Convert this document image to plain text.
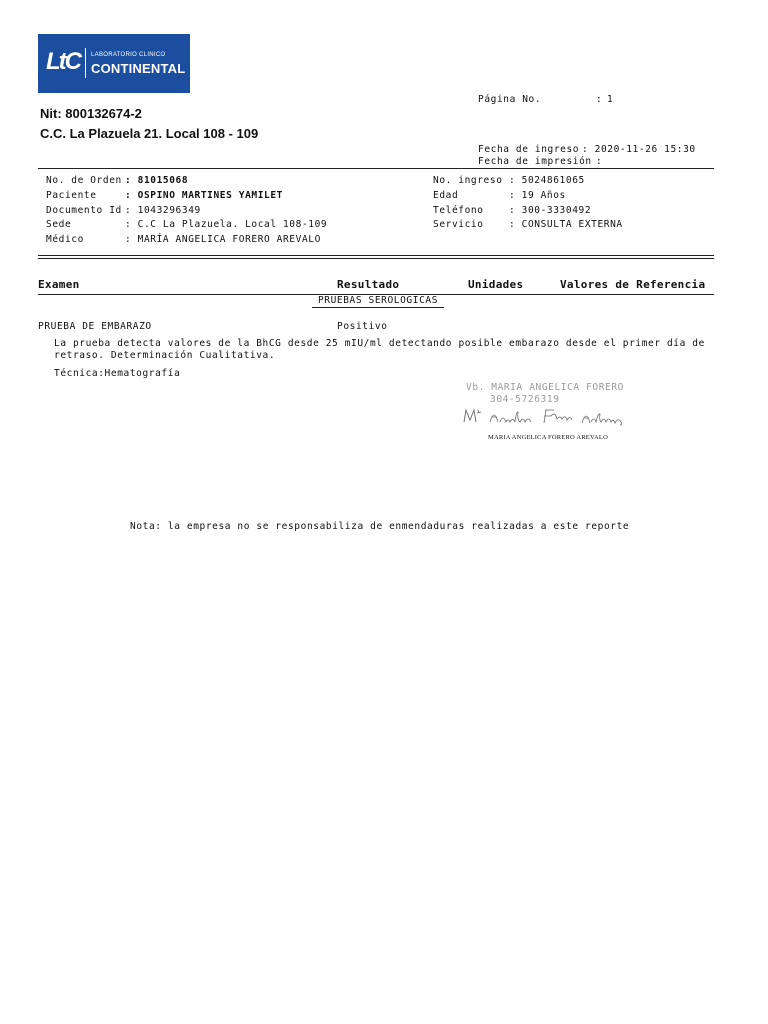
LtC LABORATORIO CLINICO
CONTINENTAL
Nit: 800132674-2
C.C. La Plazuela 21. Local 108 - 109
Página No.	: 1
Fecha de ingreso : 2020-11-26 15:30
Fecha de impresión :
No. de Orden : 81015068
Paciente	: OSPINO MARTINES YAMILET
Documento Id : 1043296349
Sede	: C.C La Plazuela. Local 108-109
Médico	: MARÍA ANGELICA FORERO AREVALO
No. ingreso : 5024861065
Edad	: 19 Años
Teléfono	: 300-3330492
Servicio	: CONSULTA EXTERNA
Examen	Resultado	Unidades	Valores de Referencia
PRUEBAS SEROLOGICAS
PRUEBA DE EMBARAZO	Positivo
La prueba detecta valores de la BhCG desde 25 mIU/ml detectando posible embarazo desde el primer día de
retraso. Determinación Cualitativa.
Técnica:Hematografía
Vb. MARIA ANGELICA FORERO
304-5726319
MARIA ANGELICA FORERO AREVALO
Nota: la empresa no se responsabiliza de enmendaduras realizadas a este reporte
